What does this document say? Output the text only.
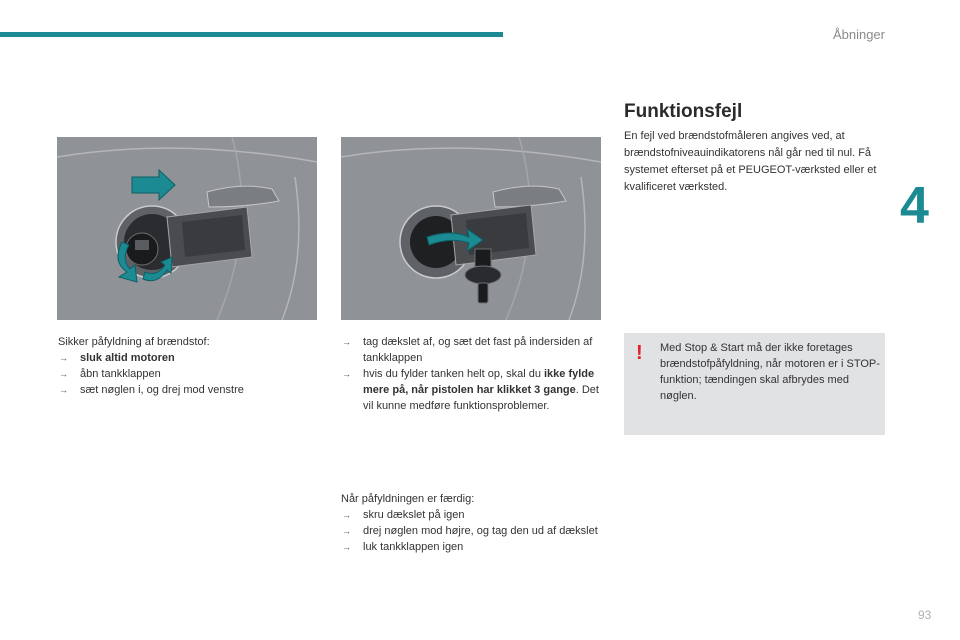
Åbninger
4
93
Sikker påfyldning af brændstof:
→ sluk altid motoren
→ åbn tankklappen
→ sæt nøglen i, og drej mod venstre
→ tag dækslet af, og sæt det fast på indersiden af tankklappen
→ hvis du fylder tanken helt op, skal du ikke fylde mere på, når pistolen har klikket 3 gange. Det vil kunne medføre funktionsproblemer.
Når påfyldningen er færdig:
→ skru dækslet på igen
→ drej nøglen mod højre, og tag den ud af dækslet
→ luk tankklappen igen
Funktionsfejl
En fejl ved brændstofmåleren angives ved, at brændstofniveauindikatorens nål går ned til nul. Få systemet efterset på et PEUGEOT-værksted eller et kvalificeret værksted.
! Med Stop & Start må der ikke foretages brændstofpåfyldning, når motoren er i STOP-funktion; tændingen skal afbrydes med nøglen.
